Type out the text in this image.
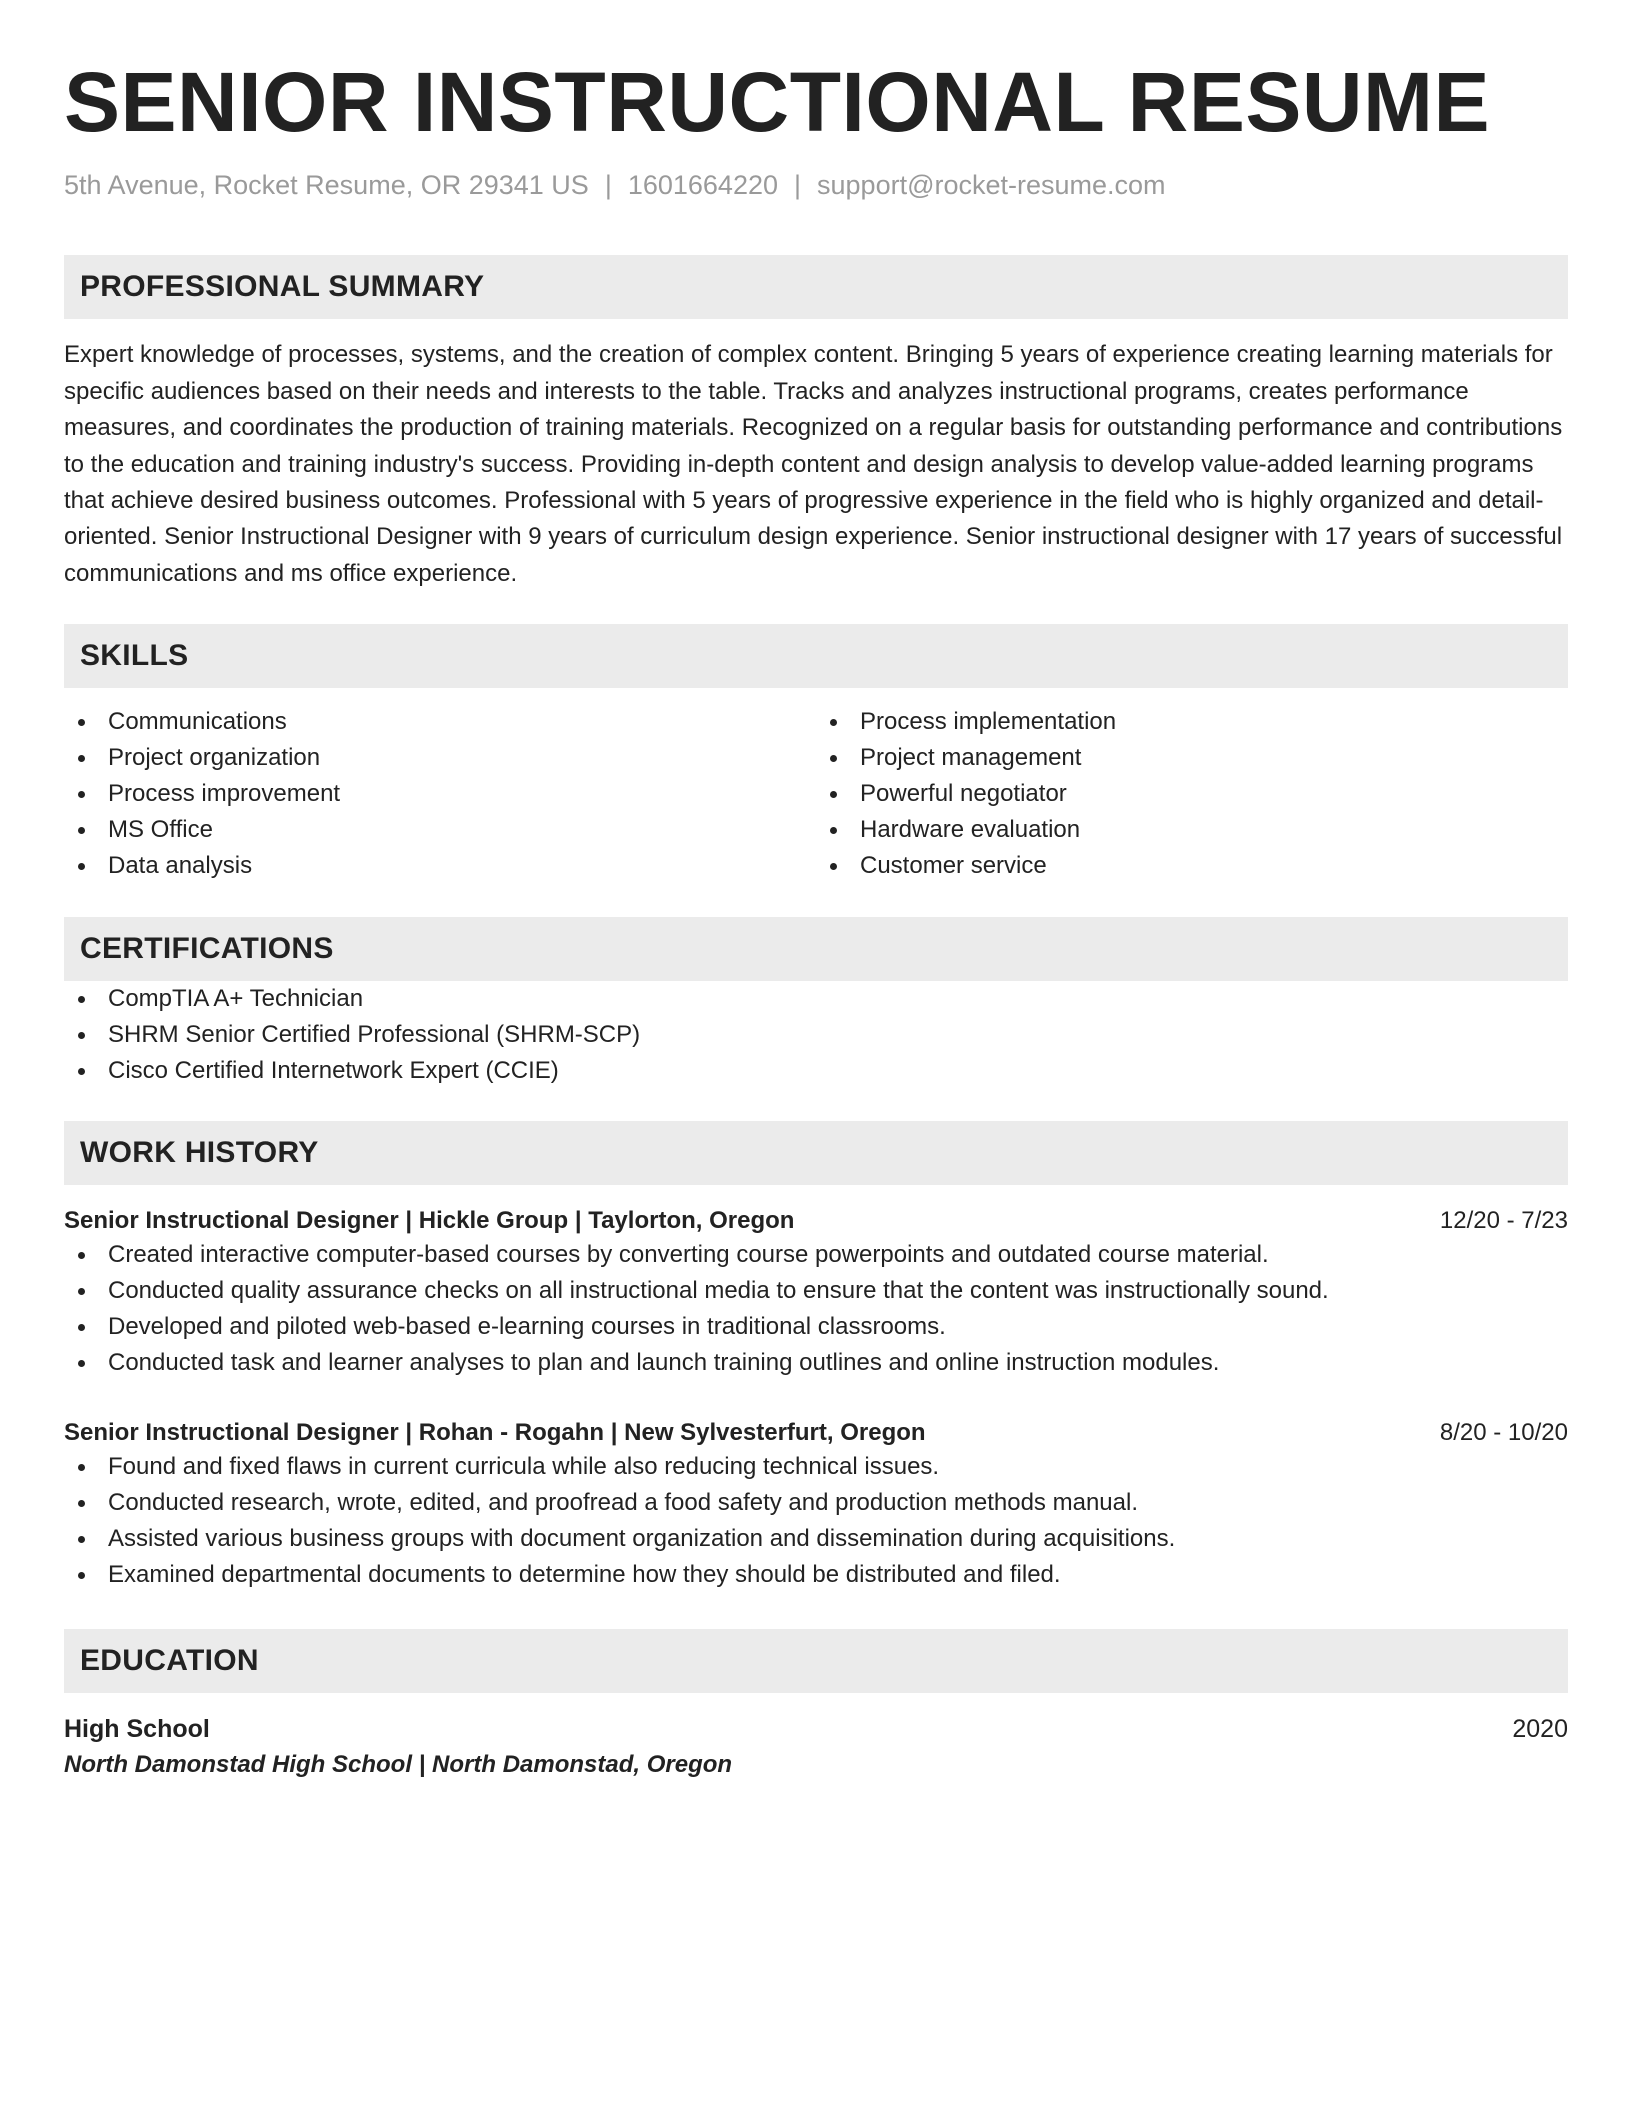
SENIOR INSTRUCTIONAL RESUME
5th Avenue, Rocket Resume, OR 29341 US | 1601664220 | support@rocket-resume.com
PROFESSIONAL SUMMARY

Expert knowledge of processes, systems, and the creation of complex content. Bringing 5 years of experience creating learning materials for specific audiences based on their needs and interests to the table. Tracks and analyzes instructional programs, creates performance measures, and coordinates the production of training materials. Recognized on a regular basis for outstanding performance and contributions to the education and training industry's success. Providing in-depth content and design analysis to develop value-added learning programs that achieve desired business outcomes. Professional with 5 years of progressive experience in the field who is highly organized and detail-oriented. Senior Instructional Designer with 9 years of curriculum design experience. Senior instructional designer with 17 years of successful communications and ms office experience.

SKILLS
Communications
Project organization
Process improvement
MS Office
Data analysis
Process implementation
Project management
Powerful negotiator
Hardware evaluation
Customer service
CERTIFICATIONS
CompTIA A+ Technician
SHRM Senior Certified Professional (SHRM-SCP)
Cisco Certified Internetwork Expert (CCIE)
WORK HISTORY
Senior Instructional Designer | Hickle Group | Taylorton, Oregon	12/20 - 7/23
Created interactive computer-based courses by converting course powerpoints and outdated course material.
Conducted quality assurance checks on all instructional media to ensure that the content was instructionally sound.
Developed and piloted web-based e-learning courses in traditional classrooms.
Conducted task and learner analyses to plan and launch training outlines and online instruction modules.
Senior Instructional Designer | Rohan - Rogahn | New Sylvesterfurt, Oregon	8/20 - 10/20
Found and fixed flaws in current curricula while also reducing technical issues.
Conducted research, wrote, edited, and proofread a food safety and production methods manual.
Assisted various business groups with document organization and dissemination during acquisitions.
Examined departmental documents to determine how they should be distributed and filed.
EDUCATION
High School	2020
North Damonstad High School | North Damonstad, Oregon
